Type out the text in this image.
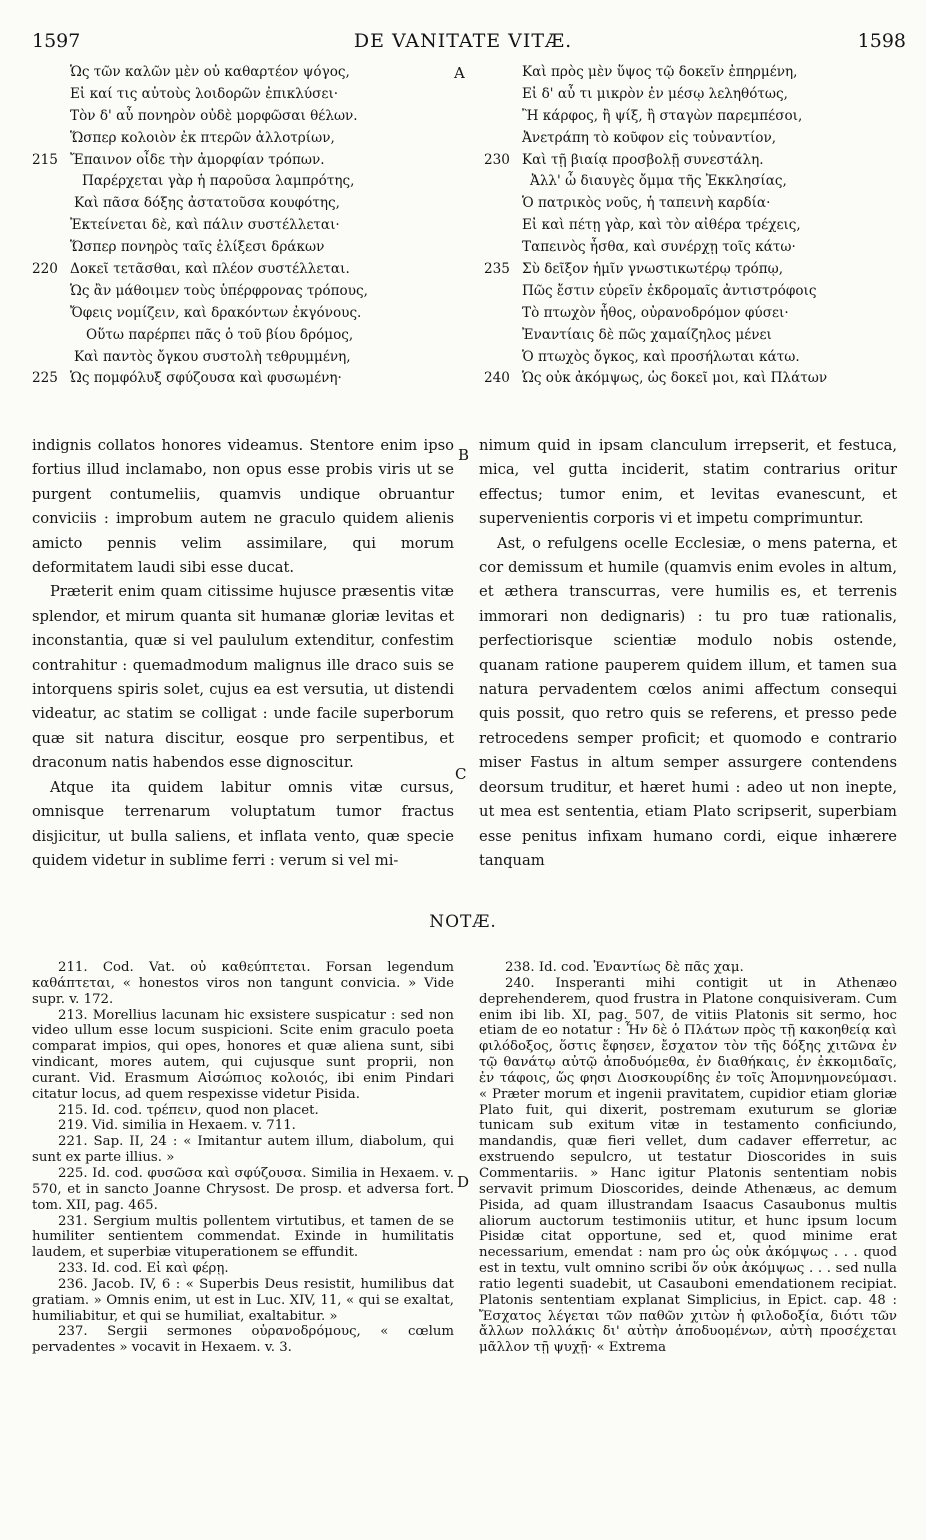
1597	DE VANITATE VITÆ.	1598
Ὡς τῶν καλῶν μὲν οὐ καθαρτέον ψόγος,
Εἰ καί τις αὐτοὺς λοιδορῶν ἐπικλύσει·
Τὸν δ' αὖ πονηρὸν οὐδὲ μορφῶσαι θέλων.
Ὥσπερ κολοιὸν ἐκ πτερῶν ἀλλοτρίων,
215 Ἔπαινον οἶδε τὴν ἀμορφίαν τρόπων.
Παρέρχεται γὰρ ἡ παροῦσα λαμπρότης,
Καὶ πᾶσα δόξης ἀστατοῦσα κουφότης,
Ἐκτείνεται δὲ, καὶ πάλιν συστέλλεται·
Ὥσπερ πονηρὸς ταῖς ἑλίξεσι δράκων
220 Δοκεῖ τετᾶσθαι, καὶ πλέον συστέλλεται.
Ὡς ἂν μάθοιμεν τοὺς ὑπέρφρονας τρόπους,
Ὄφεις νομίζειν, καὶ δρακόντων ἐκγόνους.
Οὕτω παρέρπει πᾶς ὁ τοῦ βίου δρόμος,
Καὶ παντὸς ὄγκου συστολὴ τεθρυμμένη,
225 Ὡς πομφόλυξ σφύζουσα καὶ φυσωμένη·
Καὶ πρὸς μὲν ὕψος τῷ δοκεῖν ἐπηρμένη,
Εἰ δ' αὖ τι μικρὸν ἐν μέσῳ λεληθότως,
Ἢ κάρφος, ἢ ψίξ, ἢ σταγὼν παρεμπέσοι,
Ἀνετράπη τὸ κοῦφον εἰς τοὐναντίον,
230 Καὶ τῇ βιαίᾳ προσβολῇ συνεστάλη.
Ἀλλ' ὦ διαυγὲς ὄμμα τῆς Ἐκκλησίας,
Ὁ πατρικὸς νοῦς, ἡ ταπεινὴ καρδία·
Εἰ καὶ πέτῃ γὰρ, καὶ τὸν αἰθέρα τρέχεις,
Ταπεινὸς ἦσθα, καὶ συνέρχῃ τοῖς κάτω·
235 Σὺ δεῖξον ἡμῖν γνωστικωτέρῳ τρόπῳ,
Πῶς ἔστιν εὑρεῖν ἐκδρομαῖς ἀντιστρόφοις
Τὸ πτωχὸν ἦθος, οὐρανοδρόμον φύσει·
Ἐναντίαις δὲ πῶς χαμαίζηλος μένει
Ὁ πτωχὸς ὄγκος, καὶ προσήλωται κάτω.
240 Ὡς οὐκ ἀκόμψως, ὡς δοκεῖ μοι, καὶ Πλάτων
A
B
C
D

indignis collatos honores videamus. Stentore enim ipso fortius illud inclamabo, non opus esse probis viris ut se purgent contumeliis, quamvis undique obruantur conviciis : improbum autem ne graculo quidem alienis amicto pennis velim assimilare, qui morum deformitatem laudi sibi esse ducat.

Præterit enim quam citissime hujusce præsentis vitæ splendor, et mirum quanta sit humanæ gloriæ levitas et inconstantia, quæ si vel paululum extenditur, confestim contrahitur : quemadmodum malignus ille draco suis se intorquens spiris solet, cujus ea est versutia, ut distendi videatur, ac statim se colligat : unde facile superborum quæ sit natura discitur, eosque pro serpentibus, et draconum natis habendos esse dignoscitur.

Atque ita quidem labitur omnis vitæ cursus, omnisque terrenarum voluptatum tumor fractus disjicitur, ut bulla saliens, et inflata vento, quæ specie quidem videtur in sublime ferri : verum si vel mi-

nimum quid in ipsam clanculum irrepserit, et festuca, mica, vel gutta inciderit, statim contrarius oritur effectus; tumor enim, et levitas evanescunt, et supervenientis corporis vi et impetu comprimuntur.

Ast, o refulgens ocelle Ecclesiæ, o mens paterna, et cor demissum et humile (quamvis enim evoles in altum, et æthera transcurras, vere humilis es, et terrenis immorari non dedignaris) : tu pro tuæ rationalis, perfectiorisque scientiæ modulo nobis ostende, quanam ratione pauperem quidem illum, et tamen sua natura pervadentem cœlos animi affectum consequi quis possit, quo retro quis se referens, et presso pede retrocedens semper proficit; et quomodo e contrario miser Fastus in altum semper assurgere contendens deorsum truditur, et hæret humi : adeo ut non inepte, ut mea est sententia, etiam Plato scripserit, superbiam esse penitus infixam humano cordi, eique inhærere tanquam

NOTÆ.

211. Cod. Vat. οὐ καθεύπτεται. Forsan legendum καθάπτεται, « honestos viros non tangunt convicia. » Vide supr. v. 172.

213. Morellius lacunam hic exsistere suspicatur : sed non video ullum esse locum suspicioni. Scite enim graculo poeta comparat impios, qui opes, honores et quæ aliena sunt, sibi vindicant, mores autem, qui cujusque sunt proprii, non curant. Vid. Erasmum Αἰσώπιος κολοιός, ibi enim Pindari citatur locus, ad quem respexisse videtur Pisida.

215. Id. cod. τρέπειν, quod non placet.

219. Vid. similia in Hexaem. v. 711.

221. Sap. II, 24 : « Imitantur autem illum, diabolum, qui sunt ex parte illius. »

225. Id. cod. φυσῶσα καὶ σφύζουσα. Similia in Hexaem. v. 570, et in sancto Joanne Chrysost. De prosp. et adversa fort. tom. XII, pag. 465.

231. Sergium multis pollentem virtutibus, et tamen de se humiliter sentientem commendat. Exinde in humilitatis laudem, et superbiæ vituperationem se effundit.

233. Id. cod. Εἰ καὶ φέρῃ.

236. Jacob. IV, 6 : « Superbis Deus resistit, humilibus dat gratiam. » Omnis enim, ut est in Luc. XIV, 11, « qui se exaltat, humiliabitur, et qui se humiliat, exaltabitur. »

237. Sergii sermones οὐρανοδρόμους, « cœlum pervadentes » vocavit in Hexaem. v. 3.

238. Id. cod. Ἐναντίως δὲ πᾶς χαμ.

240. Insperanti mihi contigit ut in Athenæo deprehenderem, quod frustra in Platone conquisiveram. Cum enim ibi lib. XI, pag. 507, de vitiis Platonis sit sermo, hoc etiam de eo notatur : Ἦν δὲ ὁ Πλάτων πρὸς τῇ κακοηθείᾳ καὶ φιλόδοξος, ὅστις ἔφησεν, ἔσχατον τὸν τῆς δόξης χιτῶνα ἐν τῷ θανάτῳ αὐτῷ ἀποδυόμεθα, ἐν διαθήκαις, ἐν ἐκκομιδαῖς, ἐν τάφοις, ὥς φησι Διοσκουρίδης ἐν τοῖς Ἀπομνημονεύμασι. « Præter morum et ingenii pravitatem, cupidior etiam gloriæ Plato fuit, qui dixerit, postremam exuturum se gloriæ tunicam sub exitum vitæ in testamento conficiundo, mandandis, quæ fieri vellet, dum cadaver efferretur, ac exstruendo sepulcro, ut testatur Dioscorides in suis Commentariis. » Hanc igitur Platonis sententiam nobis servavit primum Dioscorides, deinde Athenæus, ac demum Pisida, ad quam illustrandam Isaacus Casaubonus multis aliorum auctorum testimoniis utitur, et hunc ipsum locum Pisidæ citat opportune, sed et, quod minime erat necessarium, emendat : nam pro ὡς οὐκ ἀκόμψως . . . quod est in textu, vult omnino scribi ὅν οὐκ ἀκόμψως . . . sed nulla ratio legenti suadebit, ut Casauboni emendationem recipiat. Platonis sententiam explanat Simplicius, in Epict. cap. 48 : Ἔσχατος λέγεται τῶν παθῶν χιτὼν ἡ φιλοδοξία, διότι τῶν ἄλλων πολλάκις δι' αὐτὴν ἀποδυομένων, αὐτὴ προσέχεται μᾶλλον τῇ ψυχῇ· « Extrema
